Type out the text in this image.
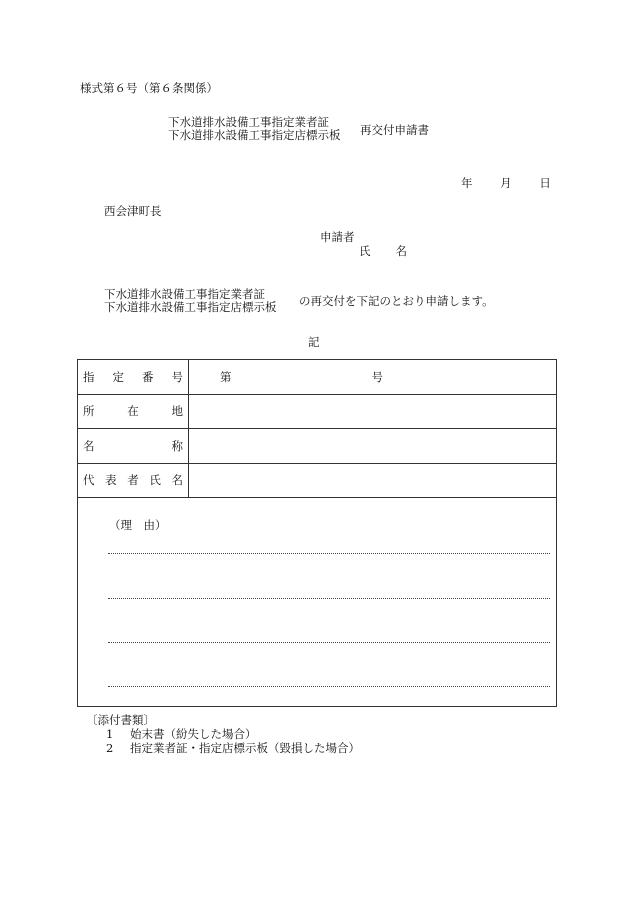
様式第６号（第６条関係）
下水道排水設備工事指定業者証
下水道排水設備工事指定店標示板 再交付申請書
年 月 日
西会津町長
申請者
氏 名
下水道排水設備工事指定業者証
下水道排水設備工事指定店標示板 の再交付を下記のとおり申請します。
記
指 定 番 号	第 号

所 在 地	

名 称	

代 表 者 氏 名	

（理　由）	
〔添付書類〕
1 始末書（紛失した場合）
2 指定業者証・指定店標示板（毀損した場合）
